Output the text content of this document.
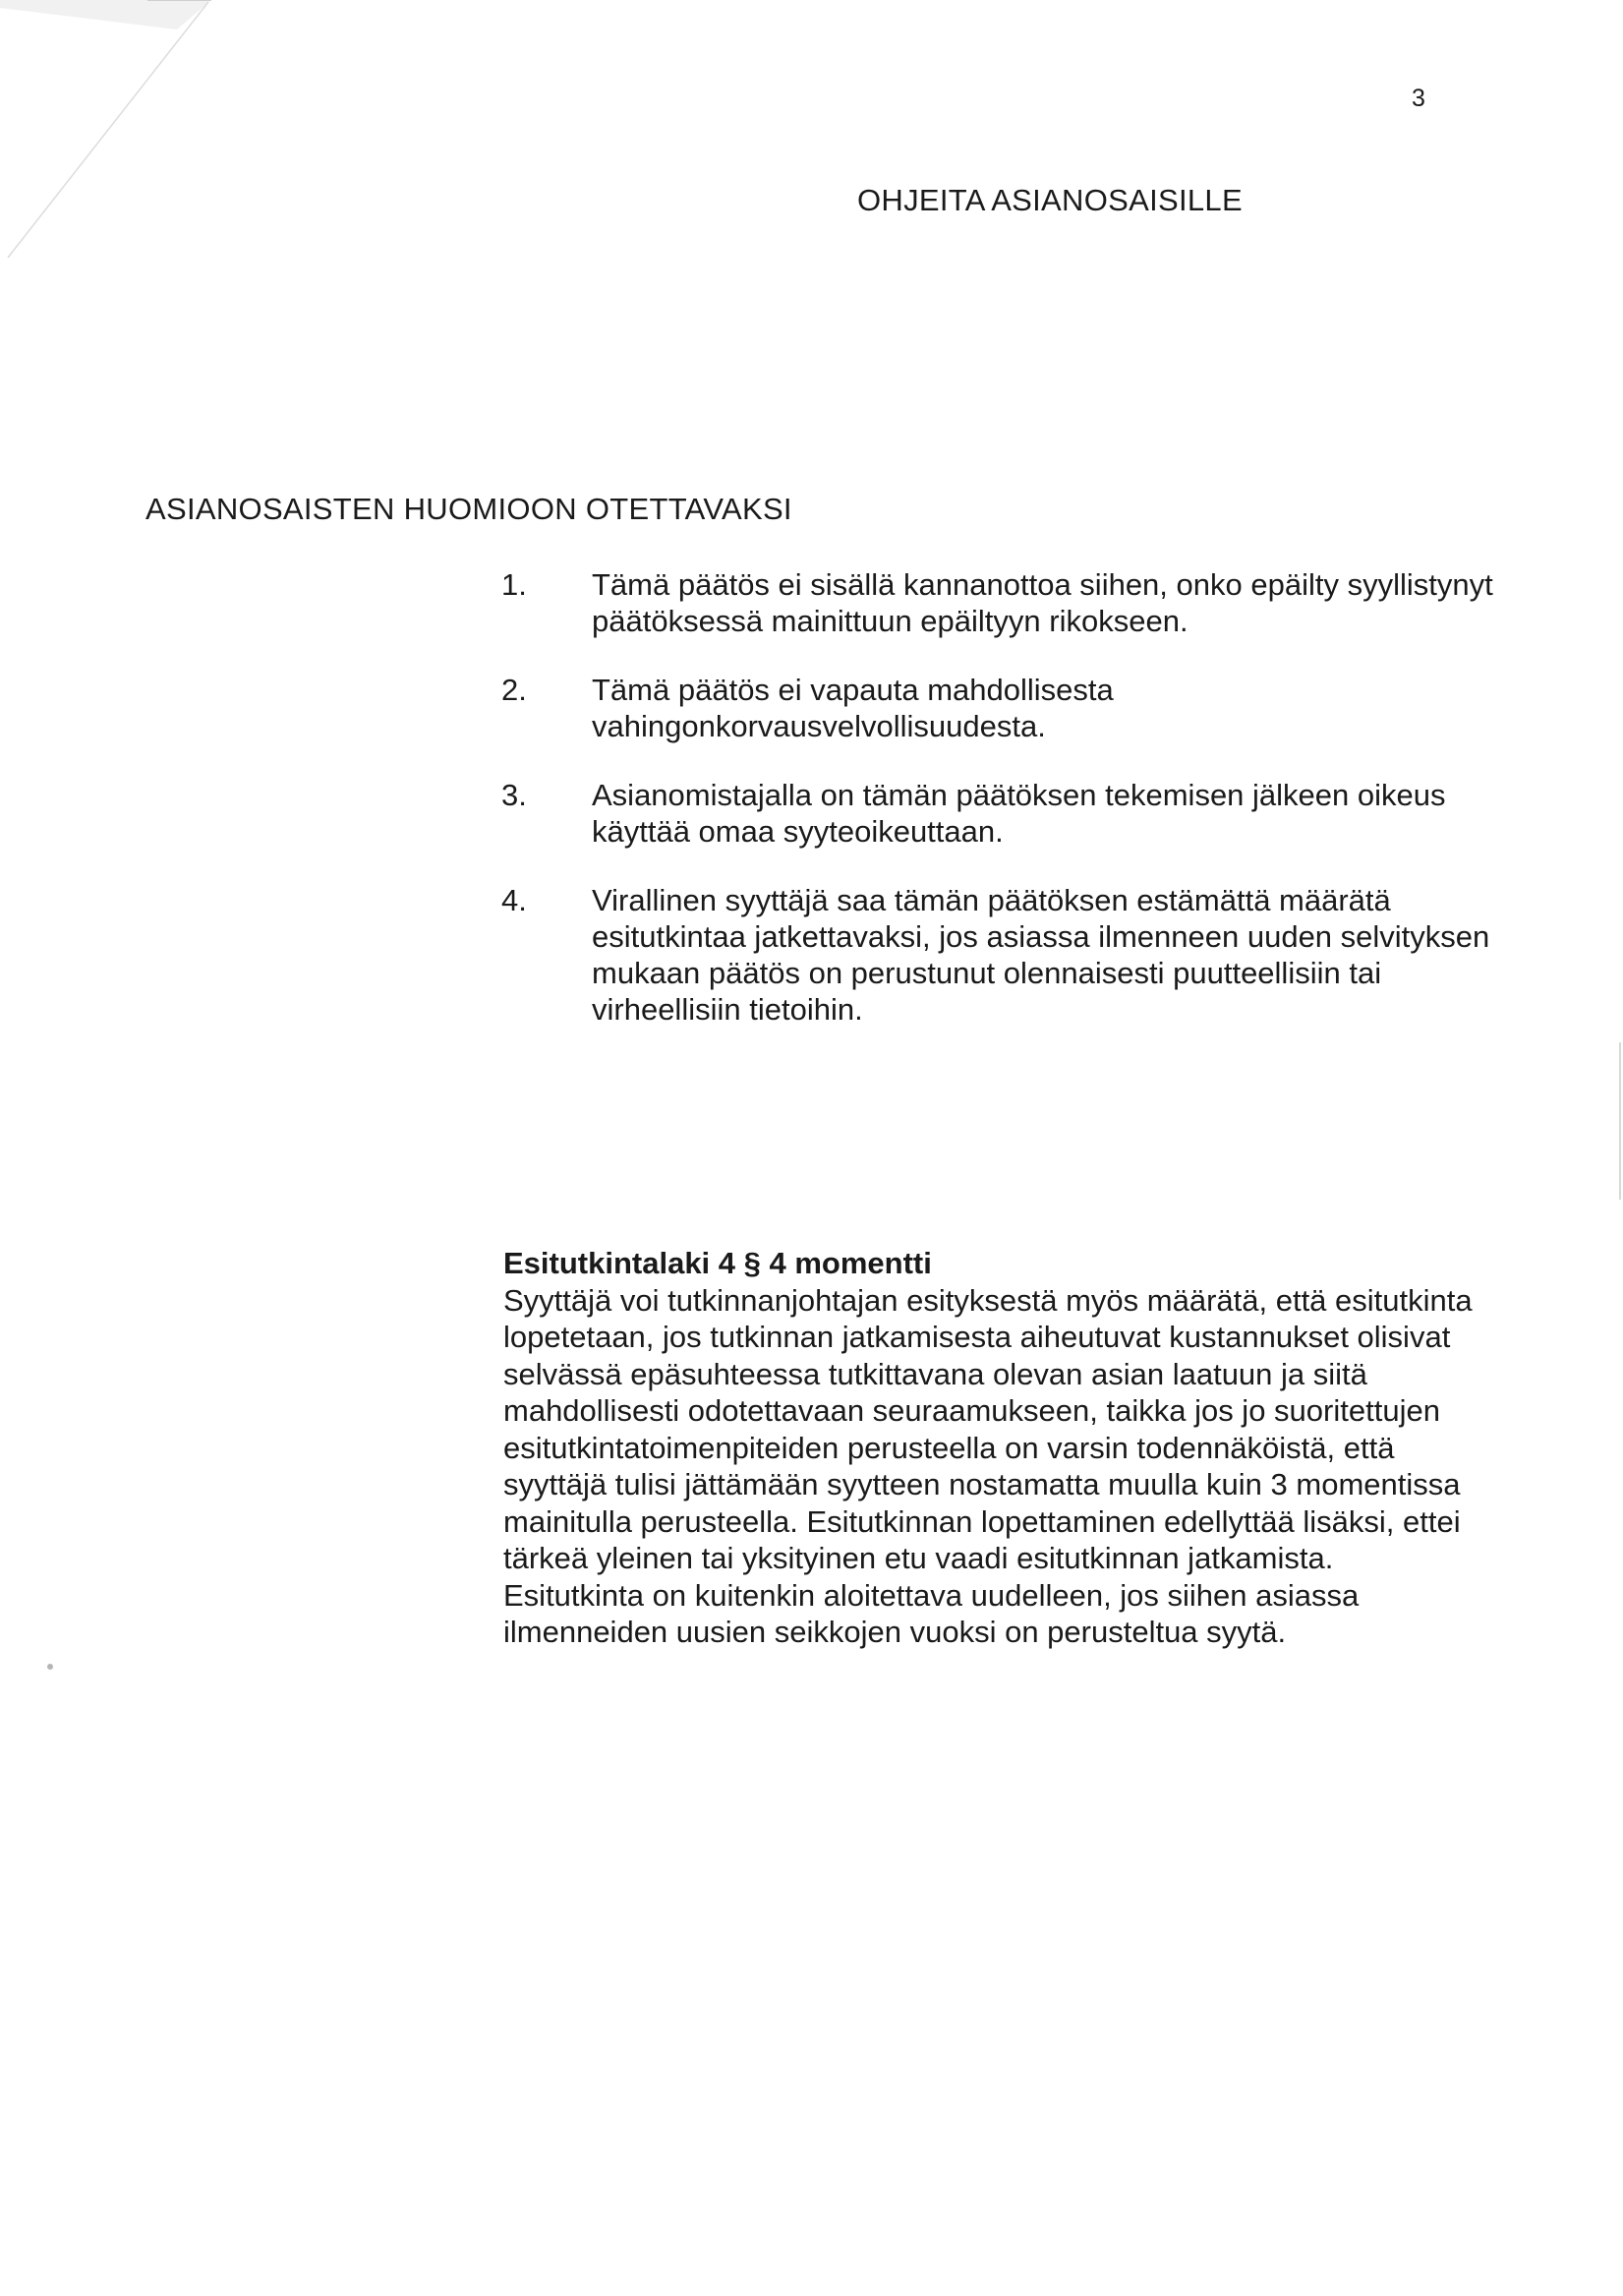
3
OHJEITA ASIANOSAISILLE
ASIANOSAISTEN HUOMIOON OTETTAVAKSI
1.	Tämä päätös ei sisällä kannanottoa siihen, onko epäilty syyllistynyt
päätöksessä mainittuun epäiltyyn rikokseen.
2.	Tämä päätös ei vapauta mahdollisesta
vahingonkorvausvelvollisuudesta.
3.	Asianomistajalla on tämän päätöksen tekemisen jälkeen oikeus
käyttää omaa syyteoikeuttaan.
4.	Virallinen syyttäjä saa tämän päätöksen estämättä määrätä
esitutkintaa jatkettavaksi, jos asiassa ilmenneen uuden selvityksen
mukaan päätös on perustunut olennaisesti puutteellisiin tai
virheellisiin tietoihin.
Esitutkintalaki 4 § 4 momentti
Syyttäjä voi tutkinnanjohtajan esityksestä myös määrätä, että esitutkinta
lopetetaan, jos tutkinnan jatkamisesta aiheutuvat kustannukset olisivat
selvässä epäsuhteessa tutkittavana olevan asian laatuun ja siitä
mahdollisesti odotettavaan seuraamukseen, taikka jos jo suoritettujen
esitutkintatoimenpiteiden perusteella on varsin todennäköistä, että
syyttäjä tulisi jättämään syytteen nostamatta muulla kuin 3 momentissa
mainitulla perusteella. Esitutkinnan lopettaminen edellyttää lisäksi, ettei
tärkeä yleinen tai yksityinen etu vaadi esitutkinnan jatkamista.
Esitutkinta on kuitenkin aloitettava uudelleen, jos siihen asiassa
ilmenneiden uusien seikkojen vuoksi on perusteltua syytä.
